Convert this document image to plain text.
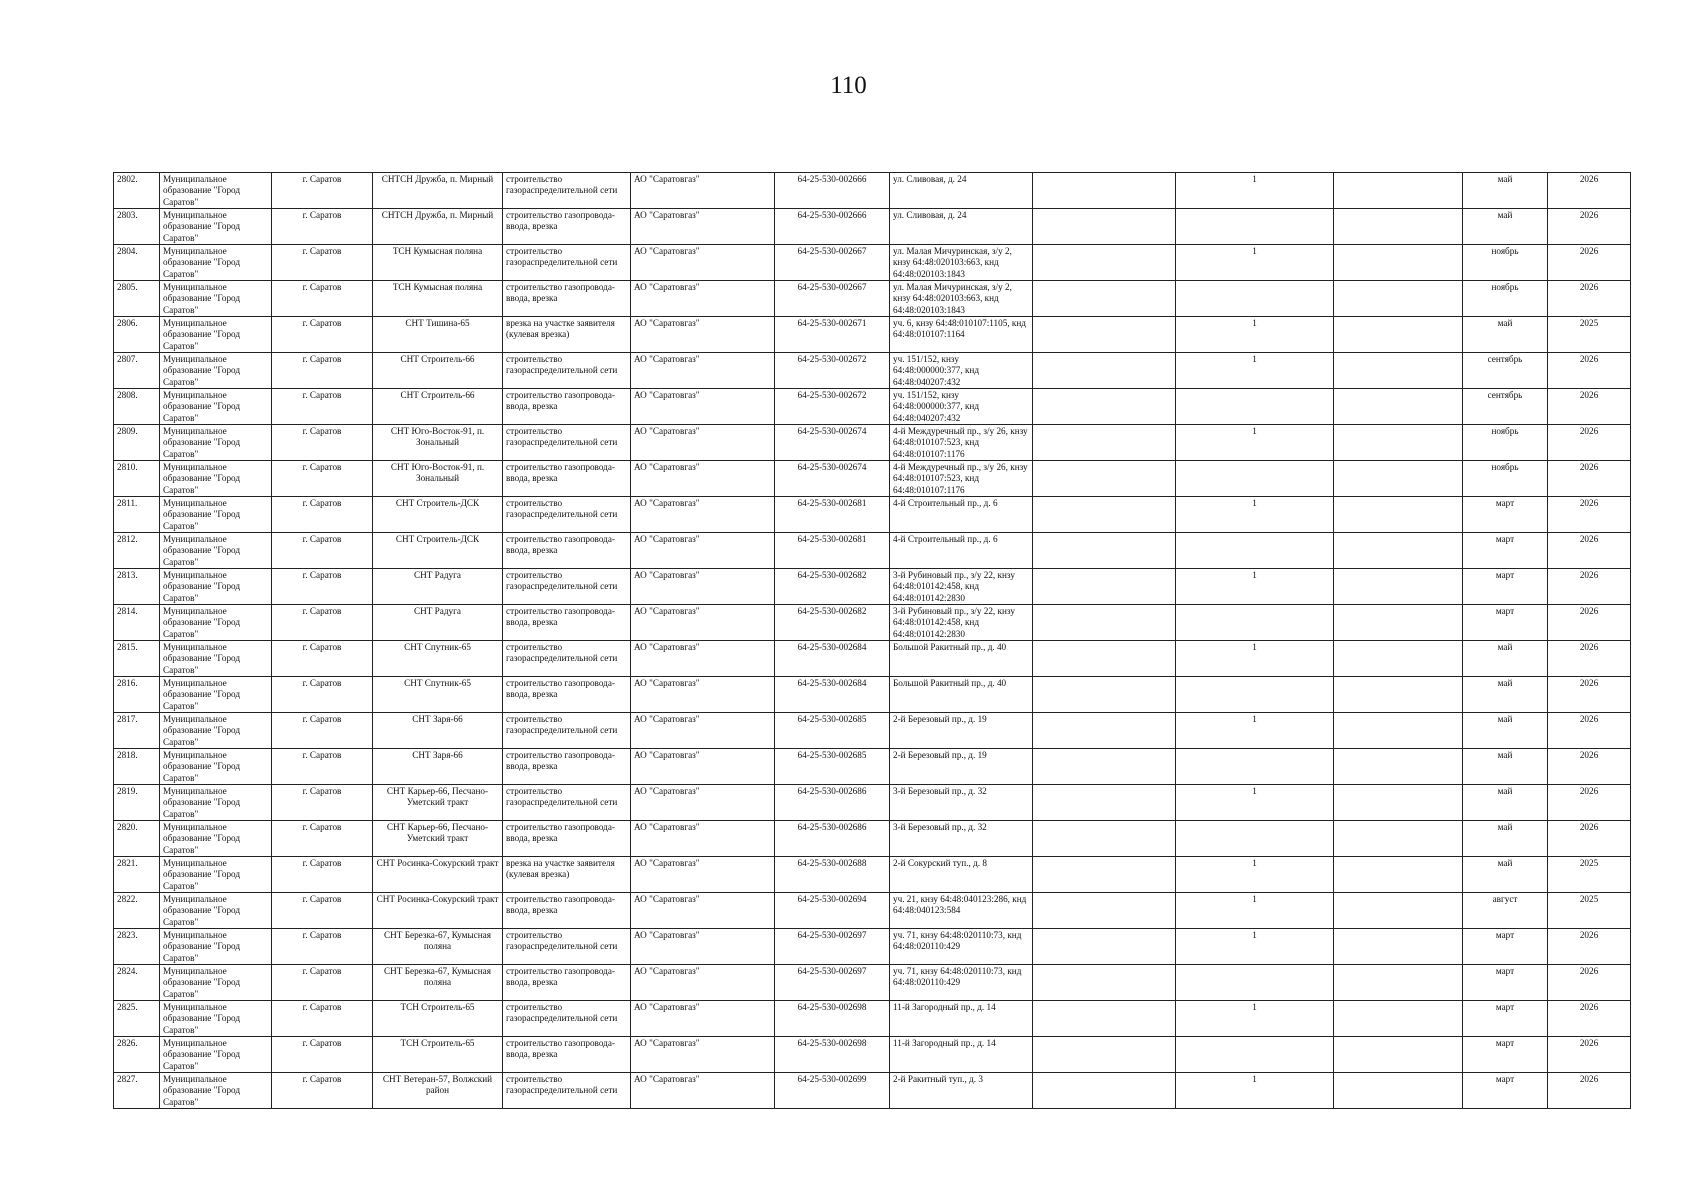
110
2802.	Муниципальное образование "Город Саратов"	г. Саратов	СНТСН Дружба, п. Мирный	строительство газораспределительной сети	АО "Саратовгаз"	64-25-530-002666	ул. Сливовая, д. 24		1		май	2026

2803.	Муниципальное образование "Город Саратов"	г. Саратов	СНТСН Дружба, п. Мирный	строительство газопровода-ввода, врезка	АО "Саратовгаз"	64-25-530-002666	ул. Сливовая, д. 24				май	2026

2804.	Муниципальное образование "Город Саратов"	г. Саратов	ТСН Кумысная поляна	строительство газораспределительной сети	АО "Саратовгаз"	64-25-530-002667	ул. Малая Мичуринская, з/у 2, кнзу 64:48:020103:663, кнд 64:48:020103:1843		1		ноябрь	2026

2805.	Муниципальное образование "Город Саратов"	г. Саратов	ТСН Кумысная поляна	строительство газопровода-ввода, врезка	АО "Саратовгаз"	64-25-530-002667	ул. Малая Мичуринская, з/у 2, кнзу 64:48:020103:663, кнд 64:48:020103:1843				ноябрь	2026

2806.	Муниципальное образование "Город Саратов"	г. Саратов	СНТ Тишина-65	врезка на участке заявителя (кулевая врезка)	АО "Саратовгаз"	64-25-530-002671	уч. 6, кнзу 64:48:010107:1105, кнд 64:48:010107:1164		1		май	2025

2807.	Муниципальное образование "Город Саратов"	г. Саратов	СНТ Строитель-66	строительство газораспределительной сети	АО "Саратовгаз"	64-25-530-002672	уч. 151/152, кнзу 64:48:000000:377, кнд 64:48:040207:432		1		сентябрь	2026

2808.	Муниципальное образование "Город Саратов"	г. Саратов	СНТ Строитель-66	строительство газопровода-ввода, врезка	АО "Саратовгаз"	64-25-530-002672	уч. 151/152, кнзу 64:48:000000:377, кнд 64:48:040207:432				сентябрь	2026

2809.	Муниципальное образование "Город Саратов"	г. Саратов	СНТ Юго-Восток-91, п. Зональный	строительство газораспределительной сети	АО "Саратовгаз"	64-25-530-002674	4-й Междуречный пр., з/у 26, кнзу 64:48:010107:523, кнд 64:48:010107:1176		1		ноябрь	2026

2810.	Муниципальное образование "Город Саратов"	г. Саратов	СНТ Юго-Восток-91, п. Зональный	строительство газопровода-ввода, врезка	АО "Саратовгаз"	64-25-530-002674	4-й Междуречный пр., з/у 26, кнзу 64:48:010107:523, кнд 64:48:010107:1176				ноябрь	2026

2811.	Муниципальное образование "Город Саратов"	г. Саратов	СНТ Строитель-ДСК	строительство газораспределительной сети	АО "Саратовгаз"	64-25-530-002681	4-й Строительный пр., д. 6		1		март	2026

2812.	Муниципальное образование "Город Саратов"	г. Саратов	СНТ Строитель-ДСК	строительство газопровода-ввода, врезка	АО "Саратовгаз"	64-25-530-002681	4-й Строительный пр., д. 6				март	2026

2813.	Муниципальное образование "Город Саратов"	г. Саратов	СНТ Радуга	строительство газораспределительной сети	АО "Саратовгаз"	64-25-530-002682	3-й Рубиновый пр., з/у 22, кнзу 64:48:010142:458, кнд 64:48:010142:2830		1		март	2026

2814.	Муниципальное образование "Город Саратов"	г. Саратов	СНТ Радуга	строительство газопровода-ввода, врезка	АО "Саратовгаз"	64-25-530-002682	3-й Рубиновый пр., з/у 22, кнзу 64:48:010142:458, кнд 64:48:010142:2830				март	2026

2815.	Муниципальное образование "Город Саратов"	г. Саратов	СНТ Спутник-65	строительство газораспределительной сети	АО "Саратовгаз"	64-25-530-002684	Большой Ракитный пр., д. 40		1		май	2026

2816.	Муниципальное образование "Город Саратов"	г. Саратов	СНТ Спутник-65	строительство газопровода-ввода, врезка	АО "Саратовгаз"	64-25-530-002684	Большой Ракитный пр., д. 40				май	2026

2817.	Муниципальное образование "Город Саратов"	г. Саратов	СНТ Заря-66	строительство газораспределительной сети	АО "Саратовгаз"	64-25-530-002685	2-й Березовый пр., д. 19		1		май	2026

2818.	Муниципальное образование "Город Саратов"	г. Саратов	СНТ Заря-66	строительство газопровода-ввода, врезка	АО "Саратовгаз"	64-25-530-002685	2-й Березовый пр., д. 19				май	2026

2819.	Муниципальное образование "Город Саратов"	г. Саратов	СНТ Карьер-66, Песчано-Уметский тракт	строительство газораспределительной сети	АО "Саратовгаз"	64-25-530-002686	3-й Березовый пр., д. 32		1		май	2026

2820.	Муниципальное образование "Город Саратов"	г. Саратов	СНТ Карьер-66, Песчано-Уметский тракт	строительство газопровода-ввода, врезка	АО "Саратовгаз"	64-25-530-002686	3-й Березовый пр., д. 32				май	2026

2821.	Муниципальное образование "Город Саратов"	г. Саратов	СНТ Росинка-Сокурский тракт	врезка на участке заявителя (кулевая врезка)	АО "Саратовгаз"	64-25-530-002688	2-й Сокурский туп., д. 8		1		май	2025

2822.	Муниципальное образование "Город Саратов"	г. Саратов	СНТ Росинка-Сокурский тракт	строительство газопровода-ввода, врезка	АО "Саратовгаз"	64-25-530-002694	уч. 21, кнзу 64:48:040123:286, кнд 64:48:040123:584		1		август	2025

2823.	Муниципальное образование "Город Саратов"	г. Саратов	СНТ Березка-67, Кумысная поляна	строительство газораспределительной сети	АО "Саратовгаз"	64-25-530-002697	уч. 71, кнзу 64:48:020110:73, кнд 64:48:020110:429		1		март	2026

2824.	Муниципальное образование "Город Саратов"	г. Саратов	СНТ Березка-67, Кумысная поляна	строительство газопровода-ввода, врезка	АО "Саратовгаз"	64-25-530-002697	уч. 71, кнзу 64:48:020110:73, кнд 64:48:020110:429				март	2026

2825.	Муниципальное образование "Город Саратов"	г. Саратов	ТСН Строитель-65	строительство газораспределительной сети	АО "Саратовгаз"	64-25-530-002698	11-й Загородный пр., д. 14		1		март	2026

2826.	Муниципальное образование "Город Саратов"	г. Саратов	ТСН Строитель-65	строительство газопровода-ввода, врезка	АО "Саратовгаз"	64-25-530-002698	11-й Загородный пр., д. 14				март	2026

2827.	Муниципальное образование "Город Саратов"	г. Саратов	СНТ Ветеран-57, Волжский район	строительство газораспределительной сети	АО "Саратовгаз"	64-25-530-002699	2-й Ракитный туп., д. 3		1		март	2026
